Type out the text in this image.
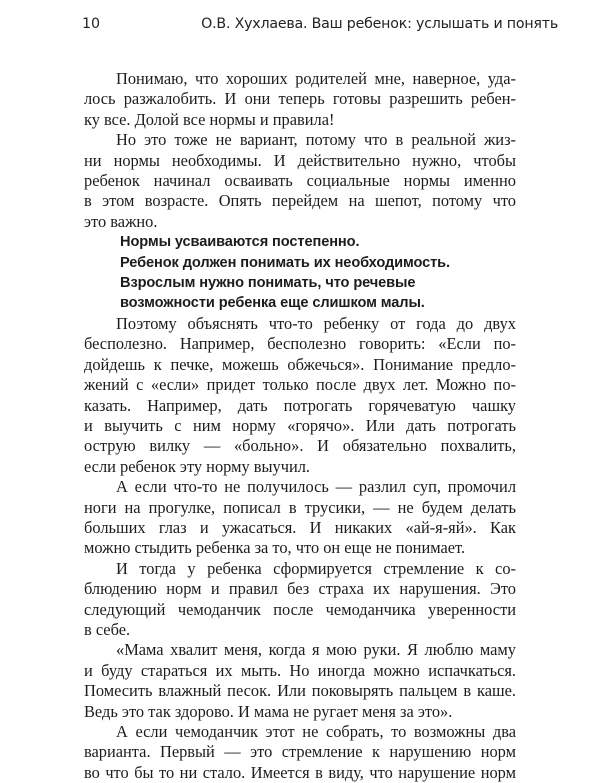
10	О.В. Хухлаева. Ваш ребенок: услышать и понять

Понимаю, что хороших родителей мне, наверное, уда-
лось разжалобить. И они теперь готовы разрешить ребен-
ку все. Долой все нормы и правила!

Но это тоже не вариант, потому что в реальной жиз-
ни нормы необходимы. И действительно нужно, чтобы
ребенок начинал осваивать социальные нормы именно
в этом возрасте. Опять перейдем на шепот, потому что
это важно.

Нормы усваиваются постепенно.
Ребенок должен понимать их необходимость.
Взрослым нужно понимать, что речевые
возможности ребенка еще слишком малы.

Поэтому объяснять что-то ребенку от года до двух
бесполезно. Например, бесполезно говорить: «Если по-
дойдешь к печке, можешь обжечься». Понимание предло-
жений с «если» придет только после двух лет. Можно по-
казать. Например, дать потрогать горячеватую чашку
и выучить с ним норму «горячо». Или дать потрогать
острую вилку — «больно». И обязательно похвалить,
если ребенок эту норму выучил.

А если что-то не получилось — разлил суп, промочил
ноги на прогулке, пописал в трусики, — не будем делать
больших глаз и ужасаться. И никаких «ай-я-яй». Как
можно стыдить ребенка за то, что он еще не понимает.

И тогда у ребенка сформируется стремление к со-
блюдению норм и правил без страха их нарушения. Это
следующий чемоданчик после чемоданчика уверенности
в себе.

«Мама хвалит меня, когда я мою руки. Я люблю маму
и буду стараться их мыть. Но иногда можно испачкаться.
Помесить влажный песок. Или поковырять пальцем в каше.
Ведь это так здорово. И мама не ругает меня за это».

А если чемоданчик этот не собрать, то возможны два
варианта. Первый — это стремление к нарушению норм
во что бы то ни стало. Имеется в виду, что нарушение норм
